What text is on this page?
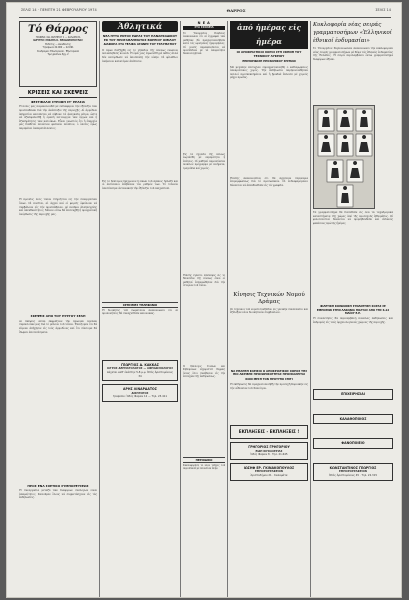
ΣΕΛΙΣ 14 · ΠΕΜΠΤΗ 21 ΦΕΒΡΟΥΑΡΙΟΥ 1974	ΘΑΡΡΟΣ	ΣΕΛΙΣ 14
Τό Θάρρος
ΓΡΑΦΕΙΑ: ΟΔ. ΦΙΛΙΠΠΟΥ 1 — ΚΑΛΑΜΑΤΑ
ΙΔΡΥΤΗΣ: ΜΙΧΑΗΛ Κ. ΘΕΟΔΩΡΟΠΟΥΛΟΣ
Ἐκδότης — Διευθυντής
Τηλέφωνα 22.000 — 22.091
Συνδρομαί: Ἐσωτερικοῦ · Ἐξωτερικοῦ
Τιμή φύλλου δρχ. 2
ΚΡΙΣΕΙΣ ΚΑΙ ΣΚΕΨΕΙΣ
ΦΕΣΤΙΒΑΛΙΣ ΣΤΡΟΦΗ ΣΤ' ΕΡΑΣΙΑ
Ἡ πόλις μας παρακολουθεῖ μέ ἐνδιαφέρον τήν ἐξέλιξιν τῶν προσπαθειῶν διά τήν ἀνάπτυξιν τῆς περιοχῆς. Αἱ ἀρμόδιαι ὑπηρεσίαι καλοῦνται νά λάβουν τά ἀναγκαῖα μέτρα, ὥστε νά ἐξασφαλισθῇ ἡ ὁμαλή λειτουργία τῶν ἔργων καί ἡ ἐξυπηρέτησις τῶν κατοίκων. Εἶναι γνωστόν ὅτι ἡ ἐπαρχία μας διαθέτει πλούσιον φυσικόν πλοῦτον, ὁ ὁποῖος ὅμως παραμένει ἀνεκμετάλλευτος.
Ἡ πρόοδος ἑνός τόπου στηρίζεται εἰς τήν συνεργασίαν ὅλων. Οἱ πολῖται, αἱ ἀρχαί καί οἱ φορεῖς ὀφείλουν νά συμβάλουν εἰς τήν προσπάθειαν, μέ πνεῦμα ἀλληλεγγύης καί ὑπευθυνότητος. Μόνον οὕτω θά ἐπιτευχθῇ ἡ πραγματική ἀνόρθωσις τῆς περιοχῆς μας.
ΣΚΕΨΕΙΣ ΑΠΟ ΤΟΥ ΠΥΡΓΟΥ ΣΕΛΗ
Αἱ σκέψεις αὗται ἐκφράζουν τήν ἀγωνίαν πολλῶν συμπολιτῶν μας διά τό μέλλον τοῦ τόπου. Ἐλπίζομεν ὅτι θά εὕρουν ἀπήχησιν εἰς τούς ἁρμοδίους καί ὅτι σύντομα θά ἴδωμεν ἀποτελέσματα.
ΠΡΟΣ ΕΝΑ ΣΧΕΤΙΚΟ ΣΥΜΠΟΡΕΥΣΕΩΣ
Ἡ συνεργασία μεταξύ τῶν διαφόρων συλλόγων εἶναι ἀπαραίτητος. Καλοῦμεν ὅλους νά συμμετάσχουν εἰς τάς ἐκδηλώσεις.
Ἀθλητικά
ΝΕΑ ΗΤΤΑ ΕΝΤΟΣ ΕΔΡΑΣ ΤΟΥ ΠΑΝΑΡΚΑΔΙΚΟΥ ΕΚ ΤΟΥ ΠΡΩΤΑΘΛΗΜΑΤΟΣ ΒΟΡΕΙΟΥ ΟΜΙΛΟΥ
ΔΙΑΦΟΡΑ ΣΤΑ ΤΕΛΙΚΑ ΑΓΩΝΕΣ ΤΟΥ ΤΡΑΥΜΑΤΙΟΥ
Ὁ ἀγών διεξήχθη εἰς τό γήπεδον τῆς πόλεως ἐνώπιον πολυπληθοῦς κοινοῦ. Ἡ ὁμάς μας ἀγωνίσθη μέ πάθος ἀλλά δέν κατόρθωσε νά ἀποσπάσῃ τήν νίκην. Οἱ φίλαθλοι ἀνέμενον καλυτέραν ἀπόδοσιν.
Εἰς τό δεύτερον ἡμίχρονον ἡ εἰκών τοῦ ἀγῶνος ἤλλαξε καί οἱ ἀντίπαλοι ἐπέβαλαν τόν ρυθμόν των. Τό τελικόν ἀποτέλεσμα ἀντανακλᾷ τήν ἐξέλιξιν τοῦ παιχνιδιοῦ.
ΧΡΗΣΙΜΕΣ ΤΗΛΕΦΩΝΟΙ
Ἡ διοίκησις τοῦ σωματείου ἀνακοινώνει ὅτι αἱ προπονήσεις θά συνεχισθοῦν κανονικῶς.
ΓΕΩΡΓΙΟΣ Δ. ΚΑΚΚΑΣ
ΙΑΤΡΟΣ ΔΕΡΜΑΤΟΛΟΓΟΣ — ΑΦΡΟΔΙΣΙΟΛΟΓΟΣ
Δέχεται καθ' ἑκάστην 5-8 μ.μ. Ὁδός Ἀριστομένους 34
ΑΡΗΣ ΛΙΝΑΡΔΑΤΟΣ
ΔΙΚΗΓΟΡΟΣ
Γραφεῖον: Ὁδός Φαρῶν 12 — Τηλ. 23.411
Ν Ε Α
ΣΤΑ ΣΧΟΛΕΙΑ
Τό Ὑπουργεῖον Παιδείας ἀνακοινώνει ὅτι αἱ ἐγγραφαί τῶν μαθητῶν θά πραγματοποιηθοῦν κατά τάς ὡρισμένας ἡμερομηνίας. Οἱ γονεῖς παρακαλοῦνται νά προσέλθουν μέ τά ἀπαραίτητα δικαιολογητικά.
Εἰς τά σχολεῖα τῆς πόλεως ἐωρτάσθη μέ λαμπρότητα ἡ ἐπέτειος. Οἱ μαθηταί παρουσίασαν ποικίλον πρόγραμμα μέ ποιήματα, τραγούδια καί χορούς.
Ἐπίσης ἐγένετο ἐπίσκεψις εἰς τό Μουσεῖον τῆς πόλεως ὅπου οἱ μαθηταί ἐνημερώθησαν διά τήν ἱστορίαν τοῦ τόπου.
Ὁ Σύλλογος Γονέων καί Κηδεμόνων εὐχαριστεῖ θερμῶς ὅλους ὅσοι συνέβαλον εἰς τήν ἐπιτυχίαν τῆς ἐκδηλώσεως.
ΠΕΡΙΟΔΙΚΟ
Κυκλοφόρησε τό νέον τεῦχος τοῦ περιοδικοῦ μέ πλουσίαν ὕλην.
ἀπό ἡμέρας εἰς ἡμέρα
ΟΙ ΑΠΟΚΡΙΑΤΙΚΟΙ ΧΟΡΟΙ ΣΤΗ ΣΚΗΝΗ ΤΟΥ ΤΕΧΝΙΚΟΥ ΛΥΚΕΙΟΥ
ΕΠΙΜΟΡΦΩΣΗ ΠΡΟΣΩΠΙΚΟΥ ΣΠΙΤΙΩΝ
Μέ μεγάλην ἐπιτυχίαν ἐπραγματοποιήθη ὁ καθιερωμένος ἀποκριάτικος χορός. Τήν ἐκδήλωσιν παρηκολούθησαν πολλοί προσκεκλημένοι καί ἡ βραδυά ἔκλεισε μέ χορούς μέχρι πρωΐας.
Ἐπίσης ἀνακοινοῦται ὅτι θά ἀρχίσουν σεμινάρια ἐπιμορφώσεως διά τό προσωπικόν. Οἱ ἐνδιαφερόμενοι δύνανται νά ἀπευθυνθοῦν εἰς τά γραφεῖα.
Κίνησις Τεχνικών Νομού Δράμας
Οἱ τεχνικοί τοῦ νομοῦ συνῆλθον εἰς γενικήν συνέλευσιν καί ἐξέλεξαν νέον διοικητικόν συμβούλιον.
ΝΑ ΕΠΑΡΘΗ ΚΛΕΙΣΙΟ Ο ΑΠΟΚΡΙΑΤΙΚΟΣ ΧΟΡΟΣ ΤΗΣ ΠΙΟ ΑΚΡΙΒΗΣ ΠΡΟΣΩΠΙΚΟΤΗΤΑΣ ΠΡΟΣΚΑΛΕΙΤΑΙ
ΚΟΙΝ ΜΕΣΗ ΤΟΝ ΠΡΟΤΥΠΟ ΣΠΙΤΙ
Ἡ ἐκδήλωσις θά πραγματοποιηθῇ τήν προσεχῆ Κυριακήν εἰς τήν αἴθουσαν τοῦ Συλλόγου.
ΕΚΠΛΗΞΕΙΣ - ΕΚΠΛΗΞΕΙΣ !
ΓΡΗΓΟΡΙΟΣ ΓΡΗΓΟΡΙΟΥ
ΕΙΔΗ ΚΙΓΚΑΛΕΡΙΑΣ
Ὁδός Φαρῶν 8 · Τηλ. 21.645
ΙΩΣΗΦ ΕΡ. ΓΚΙΝΑΚΟΠΟΥΛΟΣ
ΕΜΠΟΡΟΡΡΑΦΕΙΟΝ
Ἀριστοδήμου 21 · Καλαμάτα
Κυκλοφορία νέας σειράς γραμματοσήμων «Ἑλληνικοί ἐθνικοί ἐνδυμασίαι»
Τό Ὑπουργεῖον Συγκοινωνιῶν ἀνακοινώνει τήν κυκλοφορίαν νέας σειρᾶς γραμματοσήμων μέ θέμα τάς ἐθνικάς ἐνδυμασίας τῆς Ἑλλάδος. Ἡ σειρά περιλαμβάνει ὀκτώ γραμματόσημα διαφόρων ἀξιῶν.
Τά γραμματόσημα θά διατεθοῦν εἰς ὅλα τά ταχυδρομικά καταστήματα τῆς χώρας ἀπό τῆς προσεχοῦς ἑβδομάδος. Οἱ φιλοτελισταί δύνανται νά προμηθευθοῦν καί εἰδικούς φακέλους πρώτης ἡμέρας.
ΦΙΛΕΤΙΚΗ ΚΟΙΝΩΝΙΚΗ ΣΥΝΑΝΤΗΣΗ ΧΟΡΑΣ ΣΕ ΕΜΠΟΡΩΝ ΣΤΗΝ ΛΑΚΩΝΙΑ ΠΟΛΥΑΣ ΑΠΟ ΤΗΣ 6-12 ΜΑΪΟΥ Ε.Ε.
Ἡ συνάντησις θά περιλαμβάνῃ ποικίλας ἐκδηλώσεις καί ἐκδρομάς εἰς τούς ἀρχαιολογικούς χώρους τῆς περιοχῆς.
ΕΠΙΧΕΙΡΗΣΙΑΙ
ΚΑΛΑΘΟΠΟΙΟΣ
ΦΑΝΟΠΟΙΕΙΟ
ΚΩΝΣΤΑΝΤΙΝΟΣ ΓΕΩΡΓΙΟΣ
ΕΜΠΟΡΟΡΡΑΦΕΙΟΝ
Ὁδός Ἀριστομένους 45 · Τηλ. 22.315
